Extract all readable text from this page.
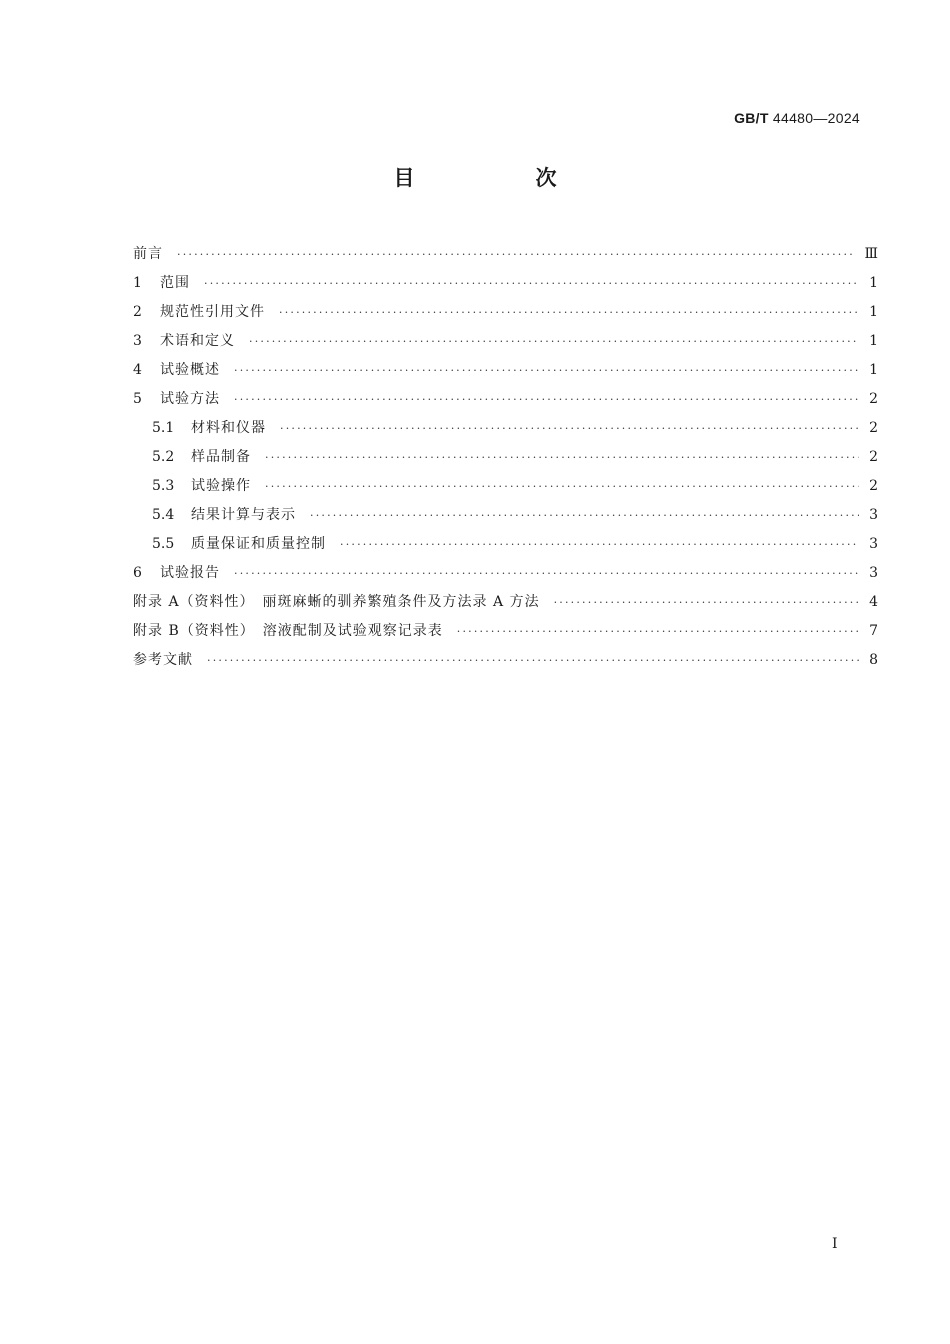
GB/T 44480—2024
目　次
前言 ·····	Ⅲ
1	范围 ·····	1
2	规范性引用文件 ·····	1
3	术语和定义 ·····	1
4	试验概述 ·····	1
5	试验方法 ·····	2
5.1	材料和仪器 ·····	2
5.2	样品制备 ·····	2
5.3	试验操作 ·····	2
5.4	结果计算与表示 ·····	3
5.5	质量保证和质量控制 ·····	3
6	试验报告 ·····	3
附录 A（资料性）　丽斑麻蜥的驯养繁殖条件及方法录 A 方法 ·····	4
附录 B（资料性）　溶液配制及试验观察记录表 ·····	7
参考文献 ·····	8
I
